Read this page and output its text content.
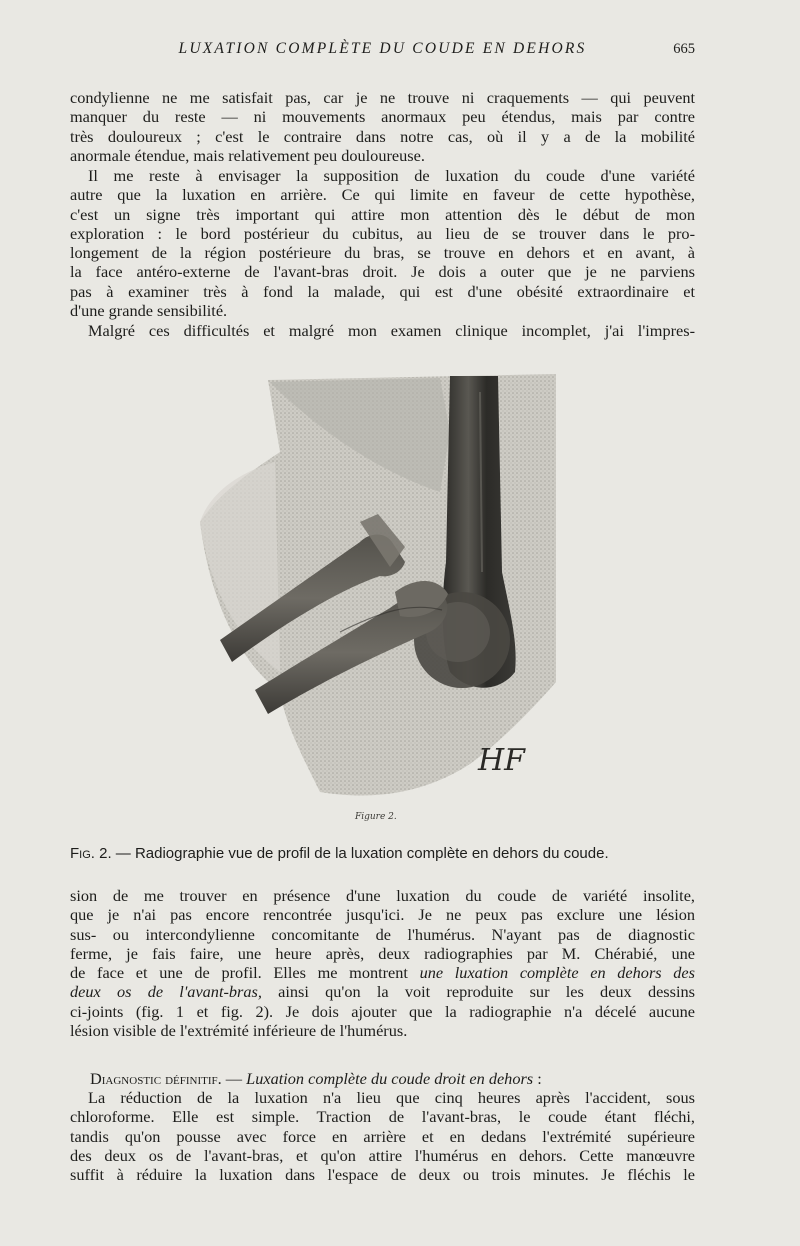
LUXATION COMPLÈTE DU COUDE EN DEHORS	665

condylienne ne me satisfait pas, car je ne trouve ni craquements — qui peuvent
manquer du reste — ni mouvements anormaux peu étendus, mais par contre
très douloureux ; c'est le contraire dans notre cas, où il y a de la mobilité
anormale étendue, mais relativement peu douloureuse.

Il me reste à envisager la supposition de luxation du coude d'une variété
autre que la luxation en arrière. Ce qui limite en faveur de cette hypothèse,
c'est un signe très important qui attire mon attention dès le début de mon
exploration : le bord postérieur du cubitus, au lieu de se trouver dans le pro-
longement de la région postérieure du bras, se trouve en dehors et en avant, à
la face antéro-externe de l'avant-bras droit. Je dois a outer que je ne parviens
pas à examiner très à fond la malade, qui est d'une obésité extraordinaire et
d'une grande sensibilité.

Malgré ces difficultés et malgré mon examen clinique incomplet, j'ai l'impres-

HF
Figure 2.
Fig. 2. — Radiographie vue de profil de la luxation complète en dehors du coude.

sion de me trouver en présence d'une luxation du coude de variété insolite,
que je n'ai pas encore rencontrée jusqu'ici. Je ne peux pas exclure une lésion
sus- ou intercondylienne concomitante de l'humérus. N'ayant pas de diagnostic
ferme, je fais faire, une heure après, deux radiographies par M. Chérabié, une
de face et une de profil. Elles me montrent une luxation complète en dehors des
deux os de l'avant-bras, ainsi qu'on la voit reproduite sur les deux dessins
ci-joints (fig. 1 et fig. 2). Je dois ajouter que la radiographie n'a décelé aucune
lésion visible de l'extrémité inférieure de l'humérus.

Diagnostic définitif. — Luxation complète du coude droit en dehors :

La réduction de la luxation n'a lieu que cinq heures après l'accident, sous
chloroforme. Elle est simple. Traction de l'avant-bras, le coude étant fléchi,
tandis qu'on pousse avec force en arrière et en dedans l'extrémité supérieure
des deux os de l'avant-bras, et qu'on attire l'humérus en dehors. Cette manœuvre
suffit à réduire la luxation dans l'espace de deux ou trois minutes. Je fléchis le
